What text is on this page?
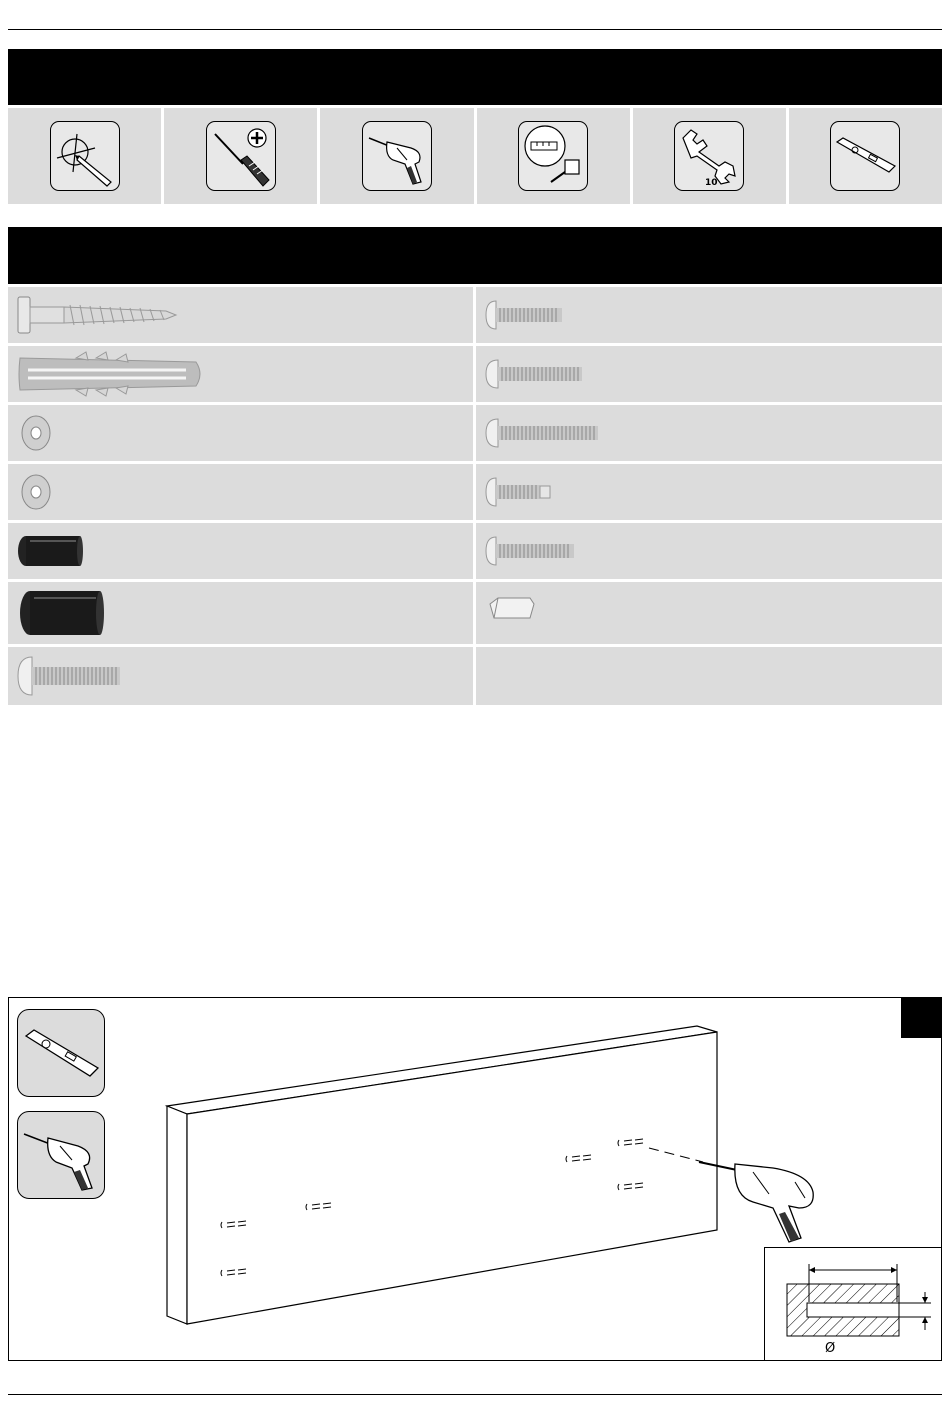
10
Ø
